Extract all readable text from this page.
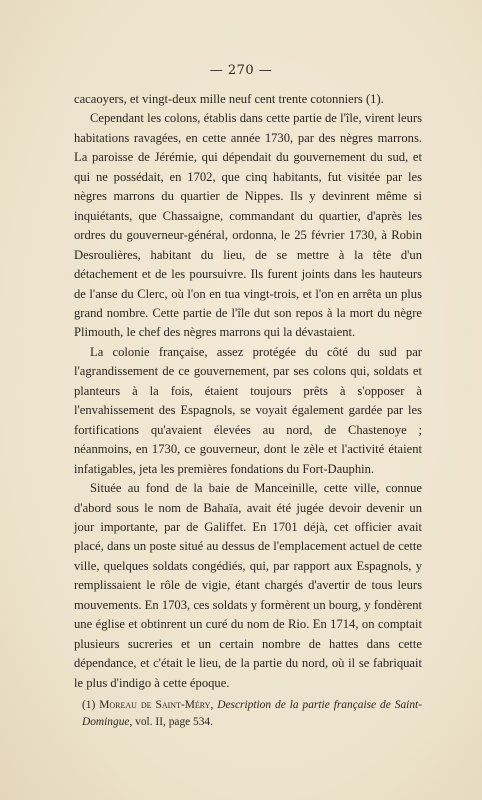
— 270 —

cacaoyers, et vingt-deux mille neuf cent trente cotonniers (1).

Cependant les colons, établis dans cette partie de l'île, virent leurs habitations ravagées, en cette année 1730, par des nègres marrons. La paroisse de Jérémie, qui dépendait du gouvernement du sud, et qui ne possédait, en 1702, que cinq habitants, fut visitée par les nègres marrons du quartier de Nippes. Ils y devinrent même si inquiétants, que Chassaigne, commandant du quartier, d'après les ordres du gouverneur-général, ordonna, le 25 février 1730, à Robin Desroulières, habitant du lieu, de se mettre à la tête d'un détachement et de les poursuivre. Ils furent joints dans les hauteurs de l'anse du Clerc, où l'on en tua vingt-trois, et l'on en arrêta un plus grand nombre. Cette partie de l'île dut son repos à la mort du nègre Plimouth, le chef des nègres marrons qui la dévastaient.

La colonie française, assez protégée du côté du sud par l'agrandissement de ce gouvernement, par ses colons qui, soldats et planteurs à la fois, étaient toujours prêts à s'opposer à l'envahissement des Espagnols, se voyait également gardée par les fortifications qu'avaient élevées au nord, de Chastenoye ; néanmoins, en 1730, ce gouverneur, dont le zèle et l'activité étaient infatigables, jeta les premières fondations du Fort-Dauphin.

Située au fond de la baie de Manceinille, cette ville, connue d'abord sous le nom de Bahaïa, avait été jugée devoir devenir un jour importante, par de Galiffet. En 1701 déjà, cet officier avait placé, dans un poste situé au dessus de l'emplacement actuel de cette ville, quelques soldats congédiés, qui, par rapport aux Espagnols, y remplissaient le rôle de vigie, étant chargés d'avertir de tous leurs mouvements. En 1703, ces soldats y formèrent un bourg, y fondèrent une église et obtinrent un curé du nom de Rio. En 1714, on comptait plusieurs sucreries et un certain nombre de hattes dans cette dépendance, et c'était le lieu, de la partie du nord, où il se fabriquait le plus d'indigo à cette époque.

(1) Moreau de Saint-Méry, Description de la partie française de Saint-Domingue, vol. II, page 534.
